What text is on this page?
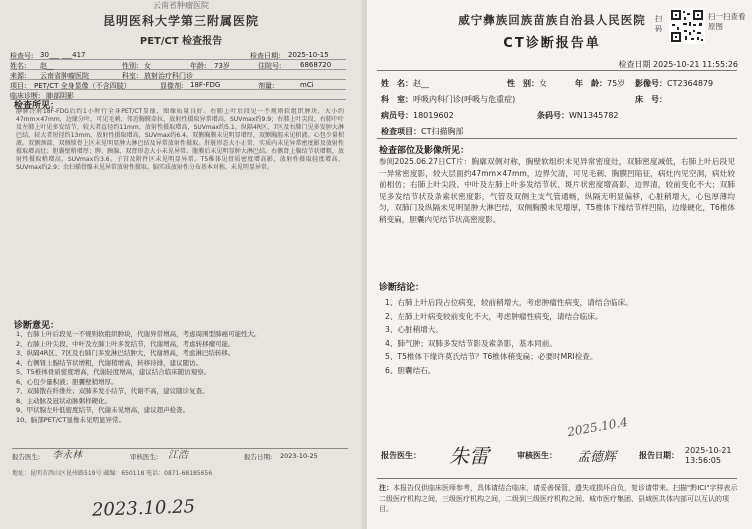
云南省肿瘤医院
昆明医科大学第三附属医院
PET/CT 检查报告
检查号: 30___ ___417	检查日期: 2025-10-15
姓名: 赵__	性别: 女	年龄: 73岁	住院号:	6868720
来源: 云南省肿瘤医院	科室: 放射治疗科门诊
项目: PET/CT 全身显像（不含四肢）	显像剂: 18F-FDG	剂量:	mCi
临床诊断: 肺部阴影
检查所见：
静脉注射18F-FDG后约1小时行全身PET/CT显像，图像质量良好。右肺上叶后段见一不规则软组织肿块，大小约47mm×47mm，边缘分叶，可见毛刺，邻近胸膜牵拉，放射性摄取异常增高，SUVmax约9.9；右肺上叶尖段、右肺中叶及左肺上叶见多发结节，较大者直径约11mm，放射性摄取增高，SUVmax约5.1。纵隔4R区、7区及右肺门见多发肿大淋巴结，较大者短径约13mm，放射性摄取增高，SUVmax约6.4。双侧胸膜未见明显增厚，双侧胸腔未见积液。心包少量积液。双侧颈部、双侧锁骨上区未见明显肿大淋巴结及异常放射性摄取。肝脏形态大小正常，实质内未见异常密度影及放射性摄取增高灶；胆囊壁稍增厚；脾、胰腺、双肾形态大小未见异常。腹膜后未见明显肿大淋巴结。右侧肾上腺结节状增粗，放射性摄取稍增高，SUVmax约3.6。子宫及附件区未见明显异常。T5椎体见骨质密度增高影，放射性摄取轻度增高，SUVmax约2.9；余扫描骨骼未见异常放射性摄取。脑实质放射性分布基本对称，未见明显异常。
诊断意见：
1、右肺上叶后段见一不规则软组织肿块，代谢异常增高，考虑周围型肺癌可能性大。
2、右肺上叶尖段、中叶及左肺上叶多发结节，代谢增高，考虑转移瘤可能。
3、纵隔4R区、7区及右肺门多发淋巴结肿大，代谢增高，考虑淋巴结转移。
4、右侧肾上腺结节状增粗，代谢稍增高，转移待排，建议随访。
5、T5椎体骨质密度增高，代谢轻度增高，建议结合临床随访观察。
6、心包少量积液；胆囊壁稍增厚。
7、双肺散在纤维灶；双肺多发小结节，代谢不高，建议随诊复查。
8、主动脉及冠状动脉粥样硬化。
9、甲状腺左叶低密度结节，代谢未见增高，建议超声检查。
10、脑部PET/CT显像未见明显异常。
报告医生:	审核医生:	报告日期: 2023-10-25
李永林	江浩
地址：昆明市西山区昆州路519号 邮编：650118 电话：0871-68185656
2023.10.25
威宁彝族回族苗族自治县人民医院
CT诊断报告单
扫码
扫一扫查看原图
检查日期 2025-10-21 11:55:26
姓　名：赵__	性　别：女	年　龄：75岁 影像号：CT2364879
科　室：呼吸内科门诊(呼吸与危重症)	床　号：
病员号：18019602	条码号：WN1345782
检查项目：CT扫描胸部
检查部位及影像所见：
参阅2025.06.27日CT片：胸廓双侧对称，胸壁软组织未见异常密度灶，双肺密度减低，右肺上叶后段见一异常密度影，较大层面约47mm×47mm，边界欠清，可见毛刺、胸膜凹陷征，病灶内见空洞，病灶较前相仿；右肺上叶尖段、中叶及左肺上叶多发结节状、斑片状密度增高影，边界清，较前变化不大；双肺见多发结节状及条索状密度影，气管及双侧主支气管通畅，纵隔无明显偏移，心脏稍增大，心包厚薄均匀，双肺门及纵隔未见明显肿大淋巴结，双侧胸膜未见增厚，T5椎体下缘结节样凹陷，边缘硬化，T6椎体稍变扁，胆囊内见结节状高密度影。
诊断结论：
1、右肺上叶后段占位病变，较前稍增大，考虑肿瘤性病变，请结合临床。
2、左肺上叶病变较前变化不大，考虑肿瘤性病变，请结合临床。
3、心脏稍增大。
4、肺气肿；双肺多发结节影及索条影，基本同前。
5、T5椎体下缘许莫氏结节？T6椎体稍变扁；必要时MRI检查。
6、胆囊结石。
2025.10.4
报告医生： 朱雷	审核医生： 孟德辉	报告日期：
2025-10-21 13:56:05
注：本报告仅供临床医师参考，具体请结合临床，请妥善保管，遗失或损坏自负，复诊请带来。扫描"黔ICI"字样表示二级医疗机构之间，三级医疗机构之间，二级到三级医疗机构之间、城市医疗集团、县域医共体内部可以互认的项目。
